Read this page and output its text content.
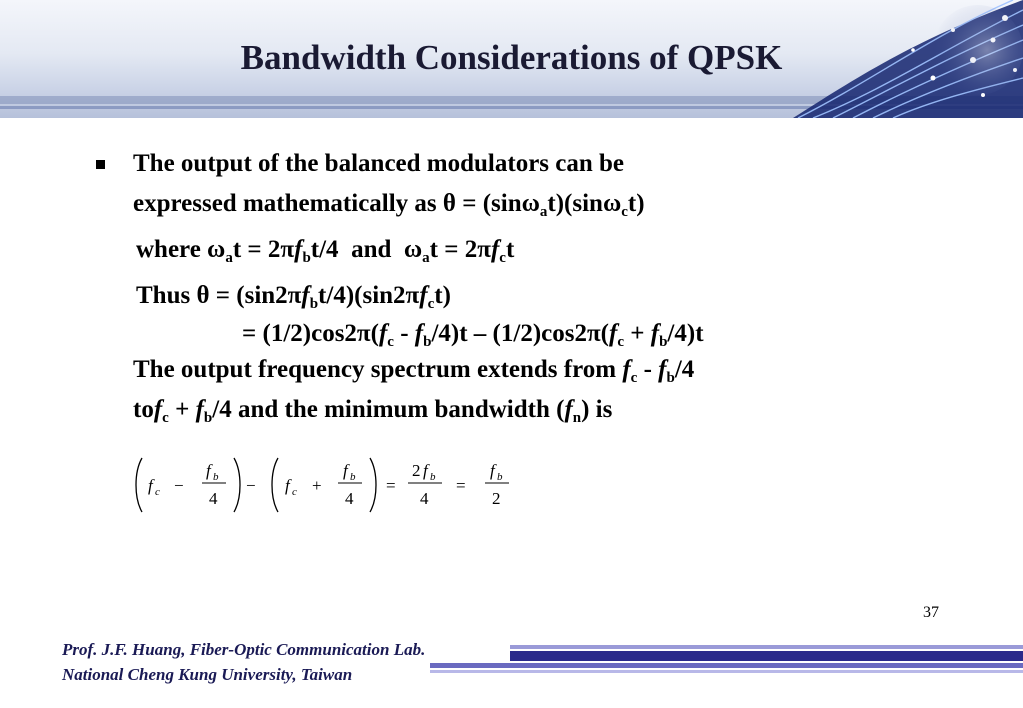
Bandwidth Considerations of QPSK
The output of the balanced modulators can be
expressed mathematically as θ = (sinω$_a$t)(sinω$_c$t)
where $\omega_at = 2\pi f_bt/4$ and $\omega_at = 2\pi f_ct$
Thus $\theta = (\sin 2\pi f_bt/4)(\sin 2\pi f_ct)$
= $(1/2)\cos 2\pi(f_c - f_b/4)t - (1/2)\cos 2\pi(f_c + f_b/4)t$
The output frequency spectrum extends from $f_c - f_b/4$
$tof_c + f_b/4$ and the minimum bandwidth $(f_n)$ is
f c −
f b
4
− f c +
f b
4
=
2 f b
4
=
f b
2
37
Prof. J.F. Huang, Fiber-Optic Communication Lab.
National Cheng Kung University, Taiwan
